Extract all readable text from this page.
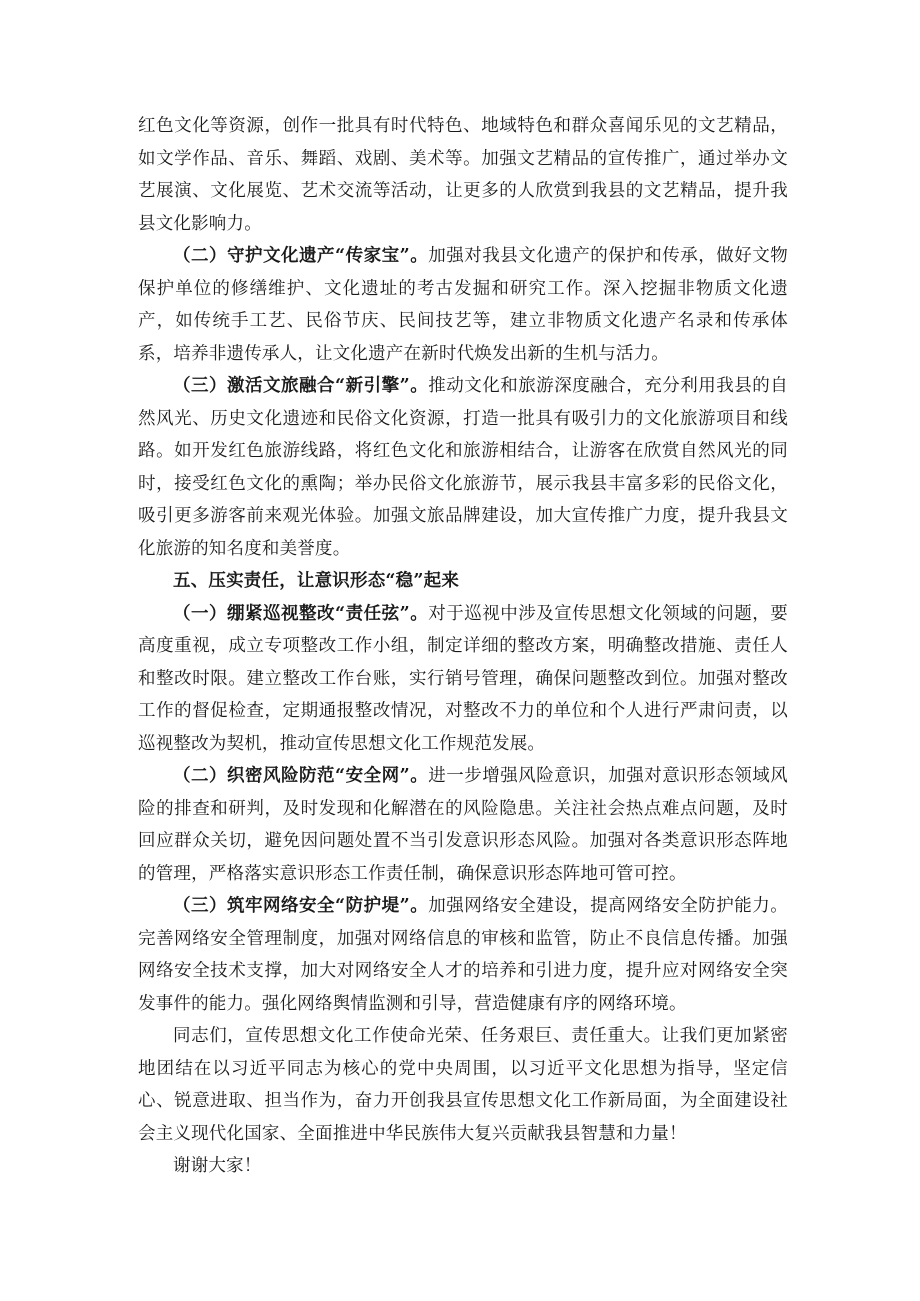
红色文化等资源，创作一批具有时代特色、地域特色和群众喜闻乐见的文艺精品，如文学作品、音乐、舞蹈、戏剧、美术等。加强文艺精品的宣传推广，通过举办文艺展演、文化展览、艺术交流等活动，让更多的人欣赏到我县的文艺精品，提升我县文化影响力。

（二）守护文化遗产“传家宝”。加强对我县文化遗产的保护和传承，做好文物保护单位的修缮维护、文化遗址的考古发掘和研究工作。深入挖掘非物质文化遗产，如传统手工艺、民俗节庆、民间技艺等，建立非物质文化遗产名录和传承体系，培养非遗传承人，让文化遗产在新时代焕发出新的生机与活力。

（三）激活文旅融合“新引擎”。推动文化和旅游深度融合，充分利用我县的自然风光、历史文化遗迹和民俗文化资源，打造一批具有吸引力的文化旅游项目和线路。如开发红色旅游线路，将红色文化和旅游相结合，让游客在欣赏自然风光的同时，接受红色文化的熏陶；举办民俗文化旅游节，展示我县丰富多彩的民俗文化，吸引更多游客前来观光体验。加强文旅品牌建设，加大宣传推广力度，提升我县文化旅游的知名度和美誉度。

五、压实责任，让意识形态“稳”起来

（一）绷紧巡视整改“责任弦”。对于巡视中涉及宣传思想文化领域的问题，要高度重视，成立专项整改工作小组，制定详细的整改方案，明确整改措施、责任人和整改时限。建立整改工作台账，实行销号管理，确保问题整改到位。加强对整改工作的督促检查，定期通报整改情况，对整改不力的单位和个人进行严肃问责，以巡视整改为契机，推动宣传思想文化工作规范发展。

（二）织密风险防范“安全网”。进一步增强风险意识，加强对意识形态领域风险的排查和研判，及时发现和化解潜在的风险隐患。关注社会热点难点问题，及时回应群众关切，避免因问题处置不当引发意识形态风险。加强对各类意识形态阵地的管理，严格落实意识形态工作责任制，确保意识形态阵地可管可控。

（三）筑牢网络安全“防护堤”。加强网络安全建设，提高网络安全防护能力。完善网络安全管理制度，加强对网络信息的审核和监管，防止不良信息传播。加强网络安全技术支撑，加大对网络安全人才的培养和引进力度，提升应对网络安全突发事件的能力。强化网络舆情监测和引导，营造健康有序的网络环境。

同志们，宣传思想文化工作使命光荣、任务艰巨、责任重大。让我们更加紧密地团结在以习近平同志为核心的党中央周围，以习近平文化思想为指导，坚定信心、锐意进取、担当作为，奋力开创我县宣传思想文化工作新局面，为全面建设社会主义现代化国家、全面推进中华民族伟大复兴贡献我县智慧和力量！

谢谢大家！
